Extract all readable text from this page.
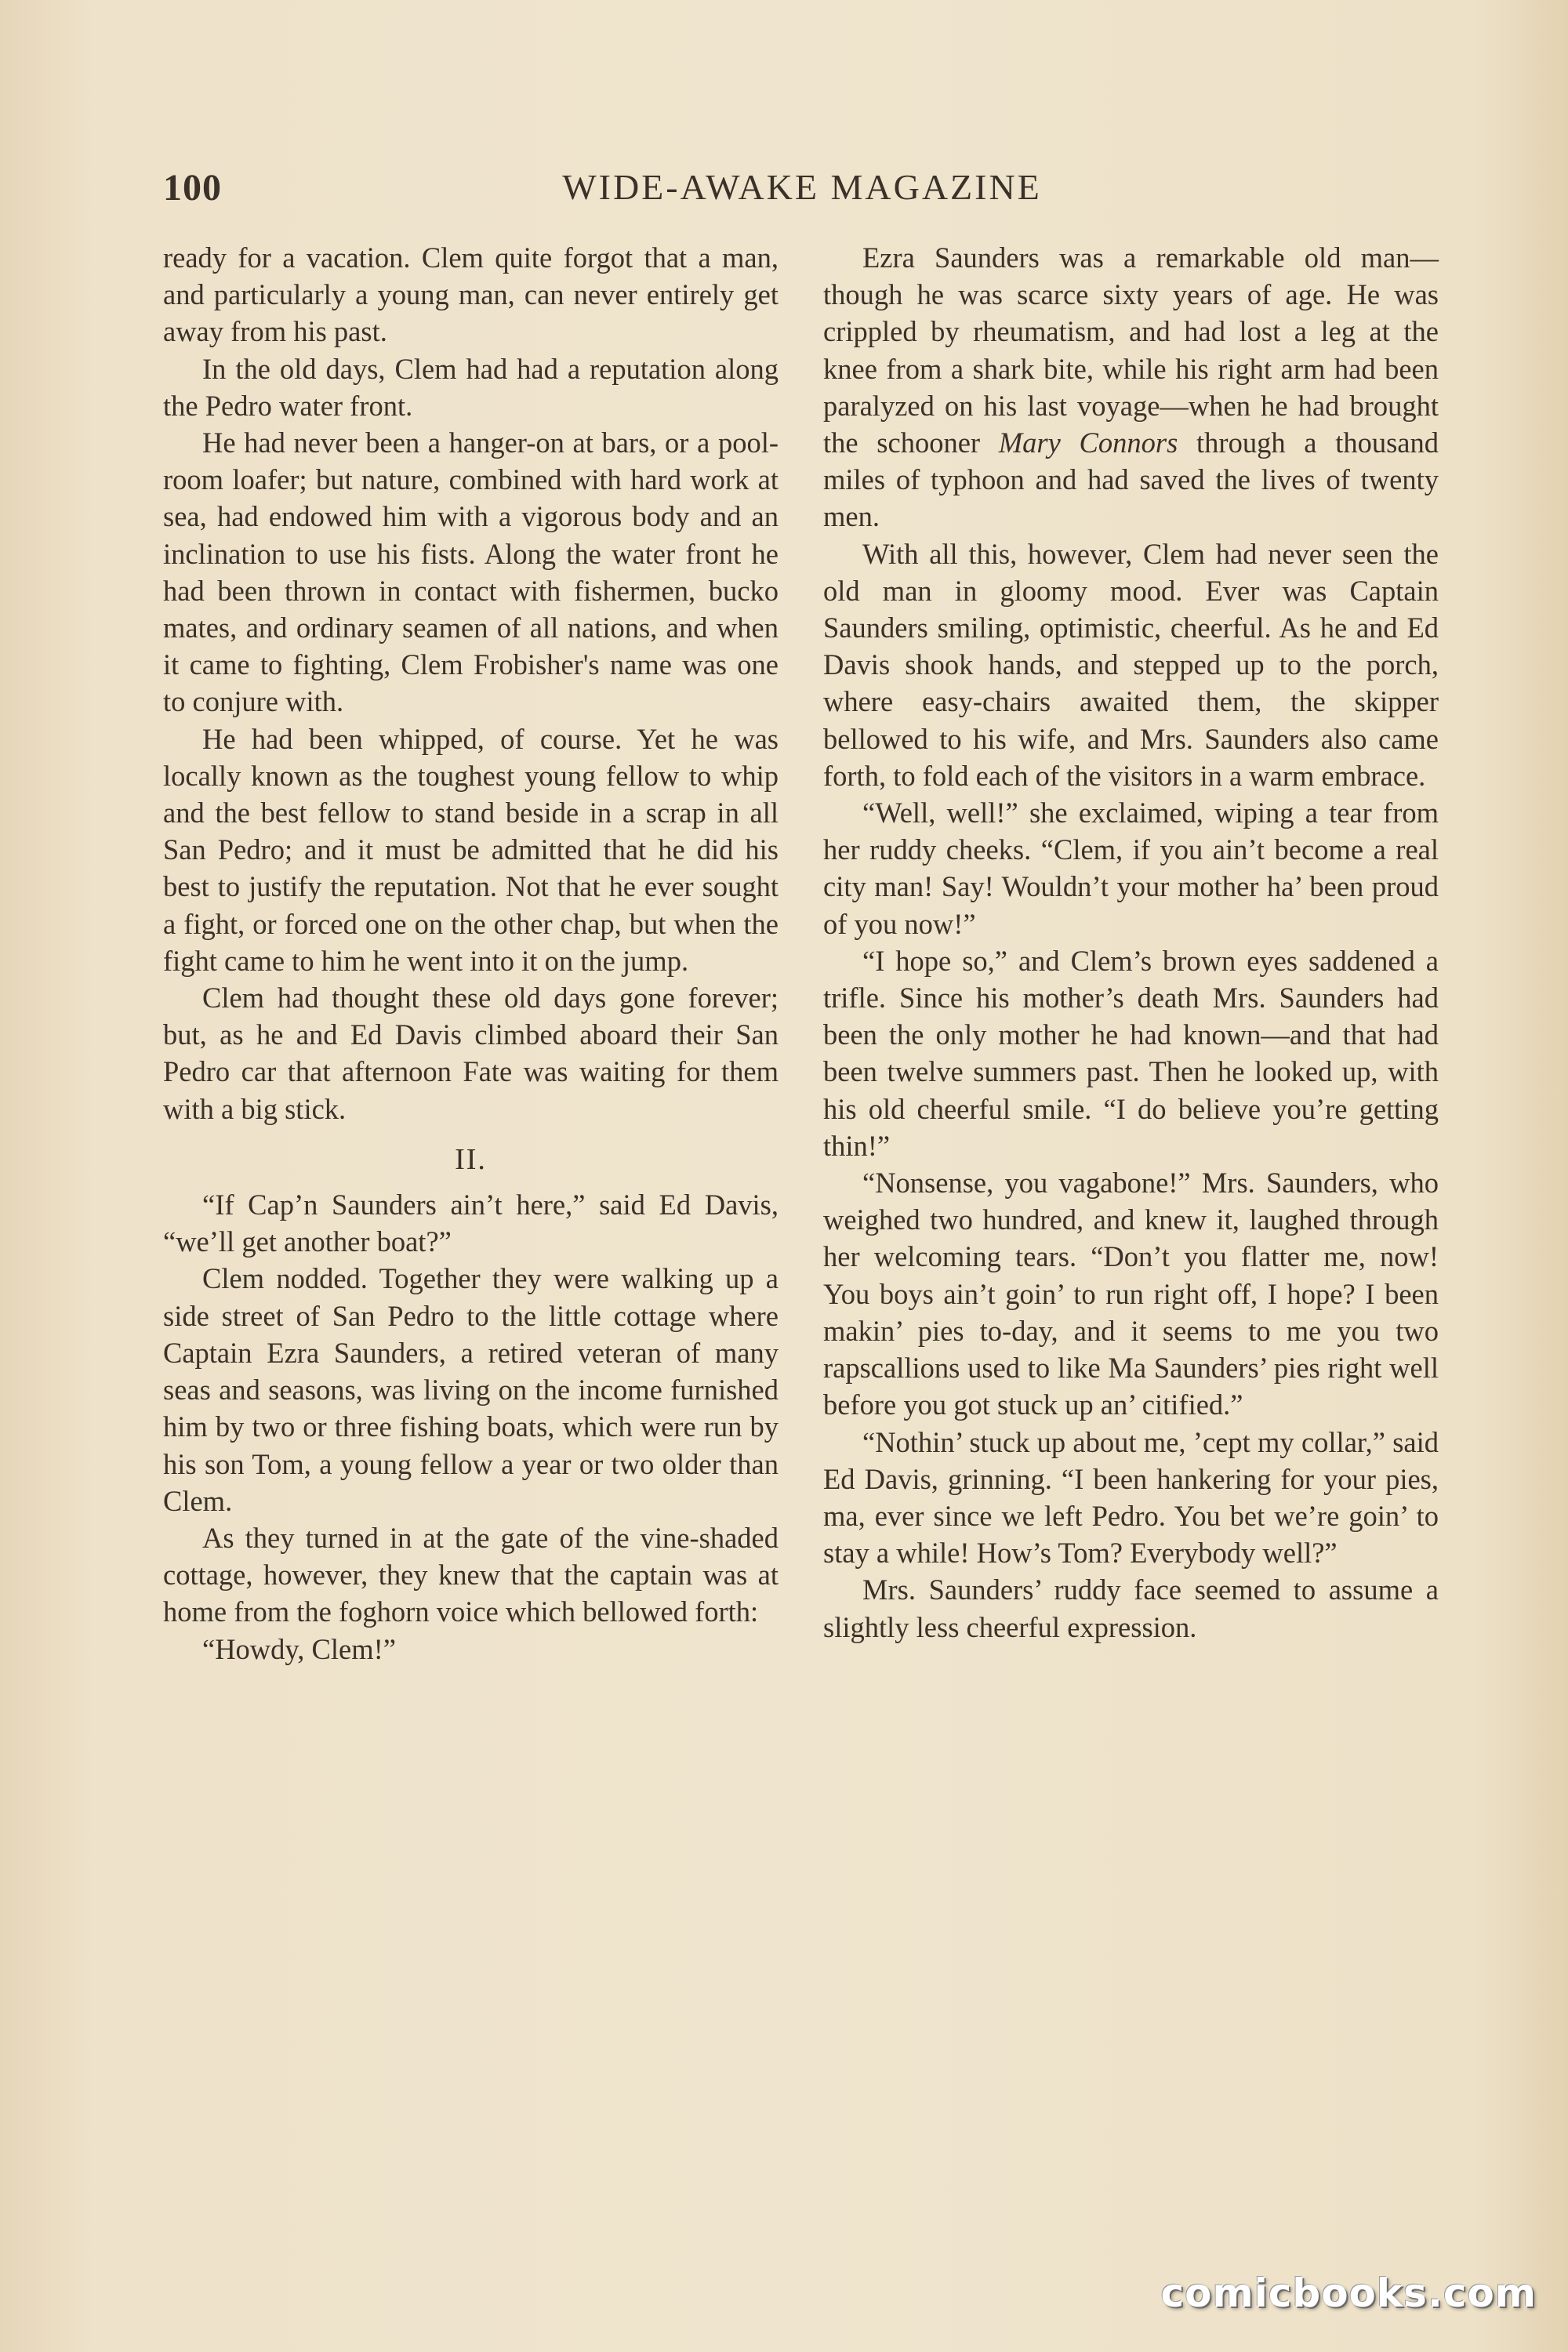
100	WIDE-AWAKE MAGAZINE

ready for a vacation. Clem quite forgot that a man, and particularly a young man, can never entirely get away from his past.

In the old days, Clem had had a reputation along the Pedro water front.

He had never been a hanger-on at bars, or a pool-room loafer; but nature, combined with hard work at sea, had endowed him with a vigorous body and an inclination to use his fists. Along the water front he had been thrown in contact with fishermen, bucko mates, and ordinary seamen of all nations, and when it came to fighting, Clem Frobisher's name was one to conjure with.

He had been whipped, of course. Yet he was locally known as the toughest young fellow to whip and the best fellow to stand beside in a scrap in all San Pedro; and it must be admitted that he did his best to justify the reputation. Not that he ever sought a fight, or forced one on the other chap, but when the fight came to him he went into it on the jump.

Clem had thought these old days gone forever; but, as he and Ed Davis climbed aboard their San Pedro car that afternoon Fate was waiting for them with a big stick.

II.

“If Cap’n Saunders ain’t here,” said Ed Davis, “we’ll get another boat?”

Clem nodded. Together they were walking up a side street of San Pedro to the little cottage where Captain Ezra Saunders, a retired veteran of many seas and seasons, was living on the income furnished him by two or three fishing boats, which were run by his son Tom, a young fellow a year or two older than Clem.

As they turned in at the gate of the vine-shaded cottage, however, they knew that the captain was at home from the foghorn voice which bellowed forth:

“Howdy, Clem!”

Ezra Saunders was a remarkable old man—though he was scarce sixty years of age. He was crippled by rheumatism, and had lost a leg at the knee from a shark bite, while his right arm had been paralyzed on his last voyage—when he had brought the schooner Mary Connors through a thousand miles of typhoon and had saved the lives of twenty men.

With all this, however, Clem had never seen the old man in gloomy mood. Ever was Captain Saunders smiling, optimistic, cheerful. As he and Ed Davis shook hands, and stepped up to the porch, where easy-chairs awaited them, the skipper bellowed to his wife, and Mrs. Saunders also came forth, to fold each of the visitors in a warm embrace.

“Well, well!” she exclaimed, wiping a tear from her ruddy cheeks. “Clem, if you ain’t become a real city man! Say! Wouldn’t your mother ha’ been proud of you now!”

“I hope so,” and Clem’s brown eyes saddened a trifle. Since his mother’s death Mrs. Saunders had been the only mother he had known—and that had been twelve summers past. Then he looked up, with his old cheerful smile. “I do believe you’re getting thin!”

“Nonsense, you vagabone!” Mrs. Saunders, who weighed two hundred, and knew it, laughed through her welcoming tears. “Don’t you flatter me, now! You boys ain’t goin’ to run right off, I hope? I been makin’ pies to-day, and it seems to me you two rapscallions used to like Ma Saunders’ pies right well before you got stuck up an’ citified.”

“Nothin’ stuck up about me, ’cept my collar,” said Ed Davis, grinning. “I been hankering for your pies, ma, ever since we left Pedro. You bet we’re goin’ to stay a while! How’s Tom? Everybody well?”

Mrs. Saunders’ ruddy face seemed to assume a slightly less cheerful expression.

comicbooks.com
